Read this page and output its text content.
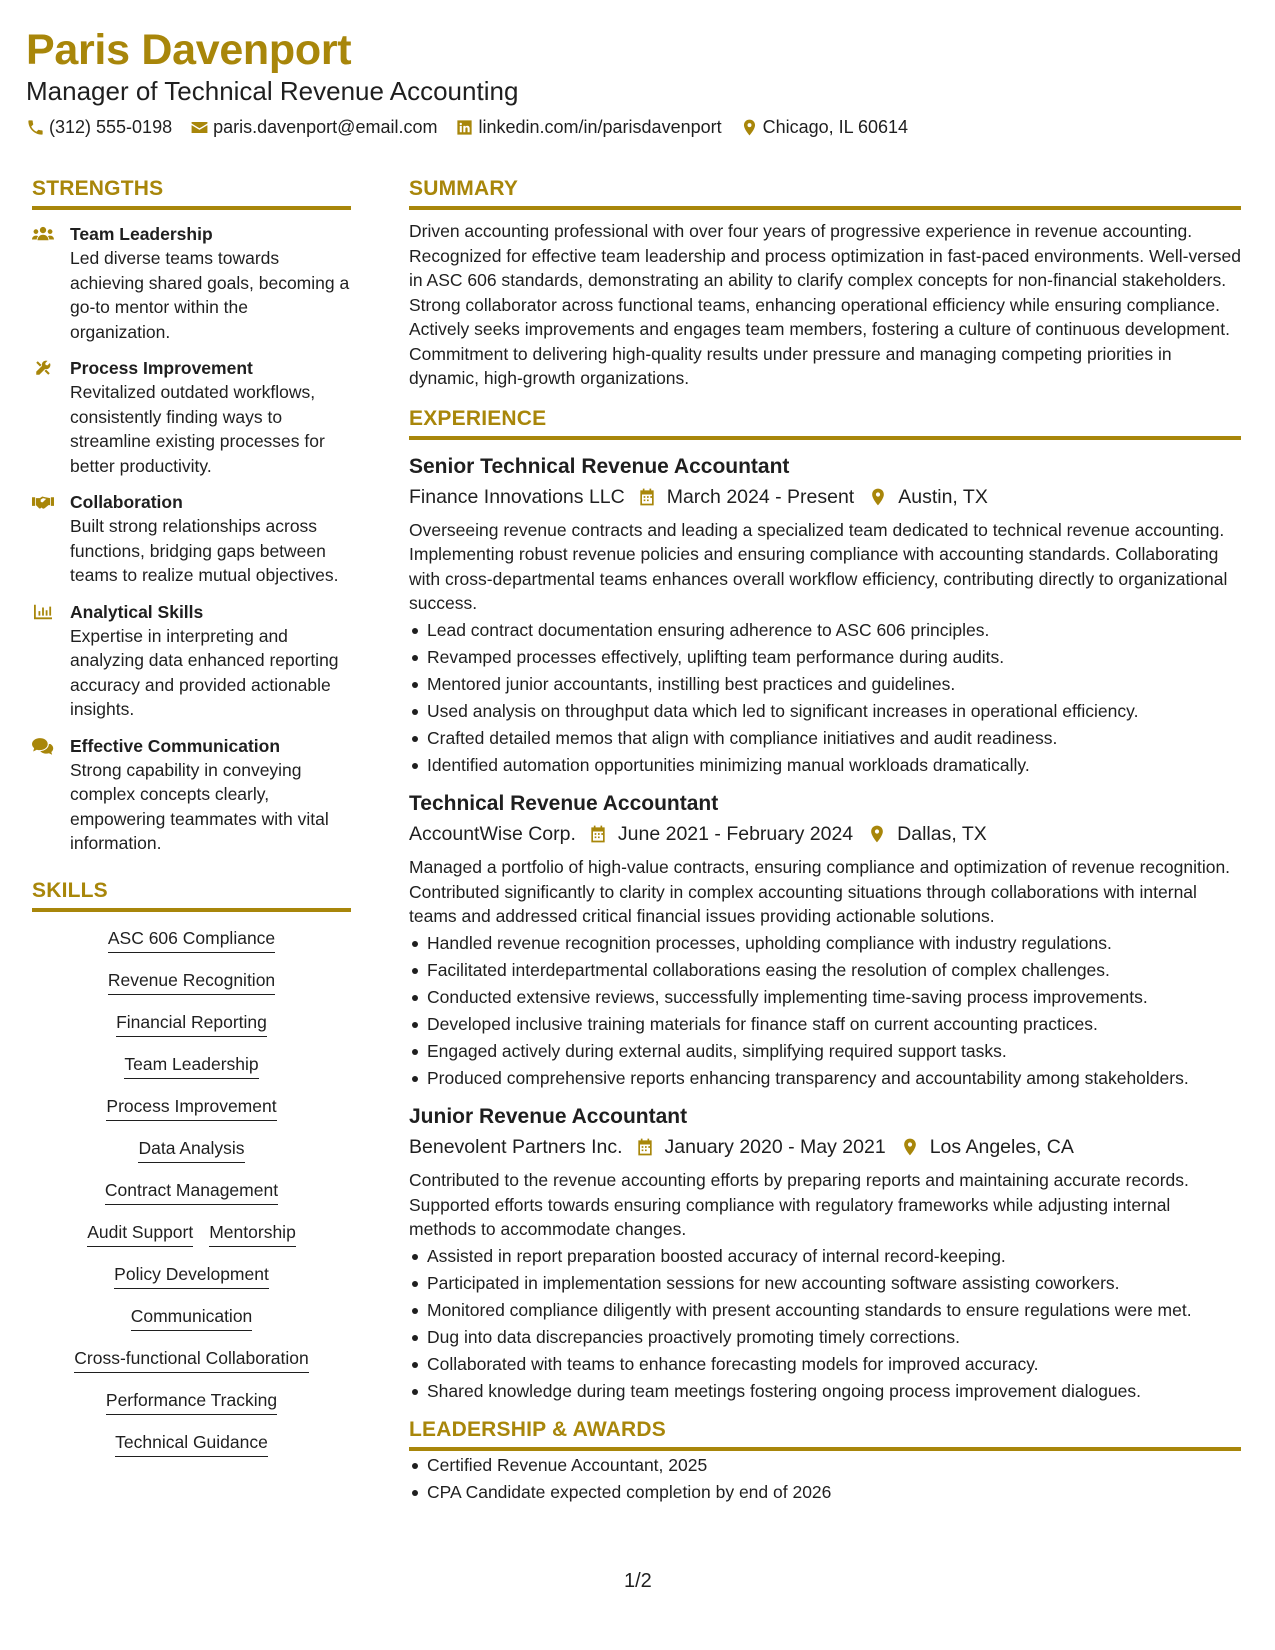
Paris Davenport
Manager of Technical Revenue Accounting
(312) 555-0198 paris.davenport@email.com linkedin.com/in/parisdavenport Chicago, IL 60614
STRENGTHS
Team Leadership
Led diverse teams towards achieving shared goals, becoming a go-to mentor within the organization.
Process Improvement
Revitalized outdated workflows, consistently finding ways to streamline existing processes for better productivity.
Collaboration
Built strong relationships across functions, bridging gaps between teams to realize mutual objectives.
Analytical Skills
Expertise in interpreting and analyzing data enhanced reporting accuracy and provided actionable insights.
Effective Communication
Strong capability in conveying complex concepts clearly, empowering teammates with vital information.
SKILLS
ASC 606 Compliance
Revenue Recognition
Financial Reporting
Team Leadership
Process Improvement
Data Analysis
Contract Management
Audit Support Mentorship
Policy Development
Communication
Cross-functional Collaboration
Performance Tracking
Technical Guidance
SUMMARY
Driven accounting professional with over four years of progressive experience in revenue accounting. Recognized for effective team leadership and process optimization in fast-paced environments. Well-versed in ASC 606 standards, demonstrating an ability to clarify complex concepts for non-financial stakeholders. Strong collaborator across functional teams, enhancing operational efficiency while ensuring compliance. Actively seeks improvements and engages team members, fostering a culture of continuous development. Commitment to delivering high-quality results under pressure and managing competing priorities in dynamic, high-growth organizations.
EXPERIENCE
Senior Technical Revenue Accountant
Finance Innovations LLC March 2024 - Present Austin, TX
Overseeing revenue contracts and leading a specialized team dedicated to technical revenue accounting. Implementing robust revenue policies and ensuring compliance with accounting standards. Collaborating with cross-departmental teams enhances overall workflow efficiency, contributing directly to organizational success.
Lead contract documentation ensuring adherence to ASC 606 principles.
Revamped processes effectively, uplifting team performance during audits.
Mentored junior accountants, instilling best practices and guidelines.
Used analysis on throughput data which led to significant increases in operational efficiency.
Crafted detailed memos that align with compliance initiatives and audit readiness.
Identified automation opportunities minimizing manual workloads dramatically.
Technical Revenue Accountant
AccountWise Corp. June 2021 - February 2024 Dallas, TX
Managed a portfolio of high-value contracts, ensuring compliance and optimization of revenue recognition. Contributed significantly to clarity in complex accounting situations through collaborations with internal teams and addressed critical financial issues providing actionable solutions.
Handled revenue recognition processes, upholding compliance with industry regulations.
Facilitated interdepartmental collaborations easing the resolution of complex challenges.
Conducted extensive reviews, successfully implementing time-saving process improvements.
Developed inclusive training materials for finance staff on current accounting practices.
Engaged actively during external audits, simplifying required support tasks.
Produced comprehensive reports enhancing transparency and accountability among stakeholders.
Junior Revenue Accountant
Benevolent Partners Inc. January 2020 - May 2021 Los Angeles, CA
Contributed to the revenue accounting efforts by preparing reports and maintaining accurate records. Supported efforts towards ensuring compliance with regulatory frameworks while adjusting internal methods to accommodate changes.
Assisted in report preparation boosted accuracy of internal record-keeping.
Participated in implementation sessions for new accounting software assisting coworkers.
Monitored compliance diligently with present accounting standards to ensure regulations were met.
Dug into data discrepancies proactively promoting timely corrections.
Collaborated with teams to enhance forecasting models for improved accuracy.
Shared knowledge during team meetings fostering ongoing process improvement dialogues.
LEADERSHIP & AWARDS
Certified Revenue Accountant, 2025
CPA Candidate expected completion by end of 2026
1/2
